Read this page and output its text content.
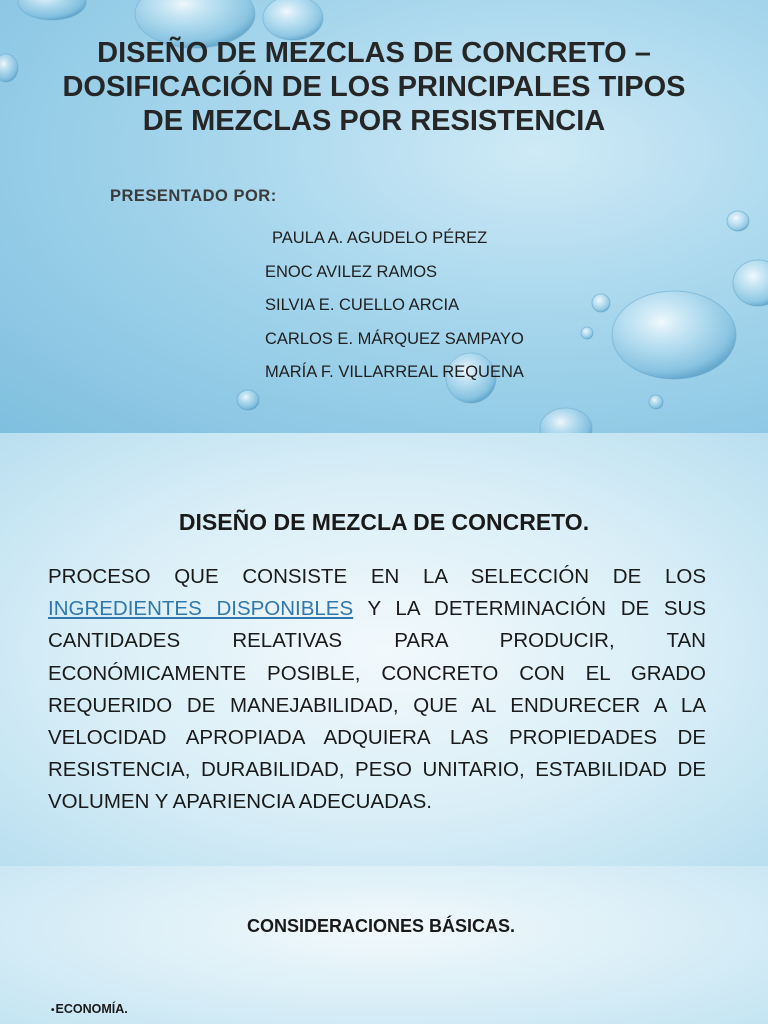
DISEÑO DE MEZCLAS DE CONCRETO – DOSIFICACIÓN DE LOS PRINCIPALES TIPOS DE MEZCLAS POR RESISTENCIA
PRESENTADO POR:
PAULA A. AGUDELO PÉREZ
ENOC AVILEZ RAMOS
SILVIA E. CUELLO ARCIA
CARLOS E. MÁRQUEZ SAMPAYO
MARÍA F. VILLARREAL REQUENA
DISEÑO DE MEZCLA DE CONCRETO.

PROCESO QUE CONSISTE EN LA SELECCIÓN DE LOS INGREDIENTES DISPONIBLES Y LA DETERMINACIÓN DE SUS CANTIDADES RELATIVAS PARA PRODUCIR, TAN ECONÓMICAMENTE POSIBLE, CONCRETO CON EL GRADO REQUERIDO DE MANEJABILIDAD, QUE AL ENDURECER A LA VELOCIDAD APROPIADA ADQUIERA LAS PROPIEDADES DE RESISTENCIA, DURABILIDAD, PESO UNITARIO, ESTABILIDAD DE VOLUMEN Y APARIENCIA ADECUADAS.

CONSIDERACIONES BÁSICAS.
•ECONOMÍA.
